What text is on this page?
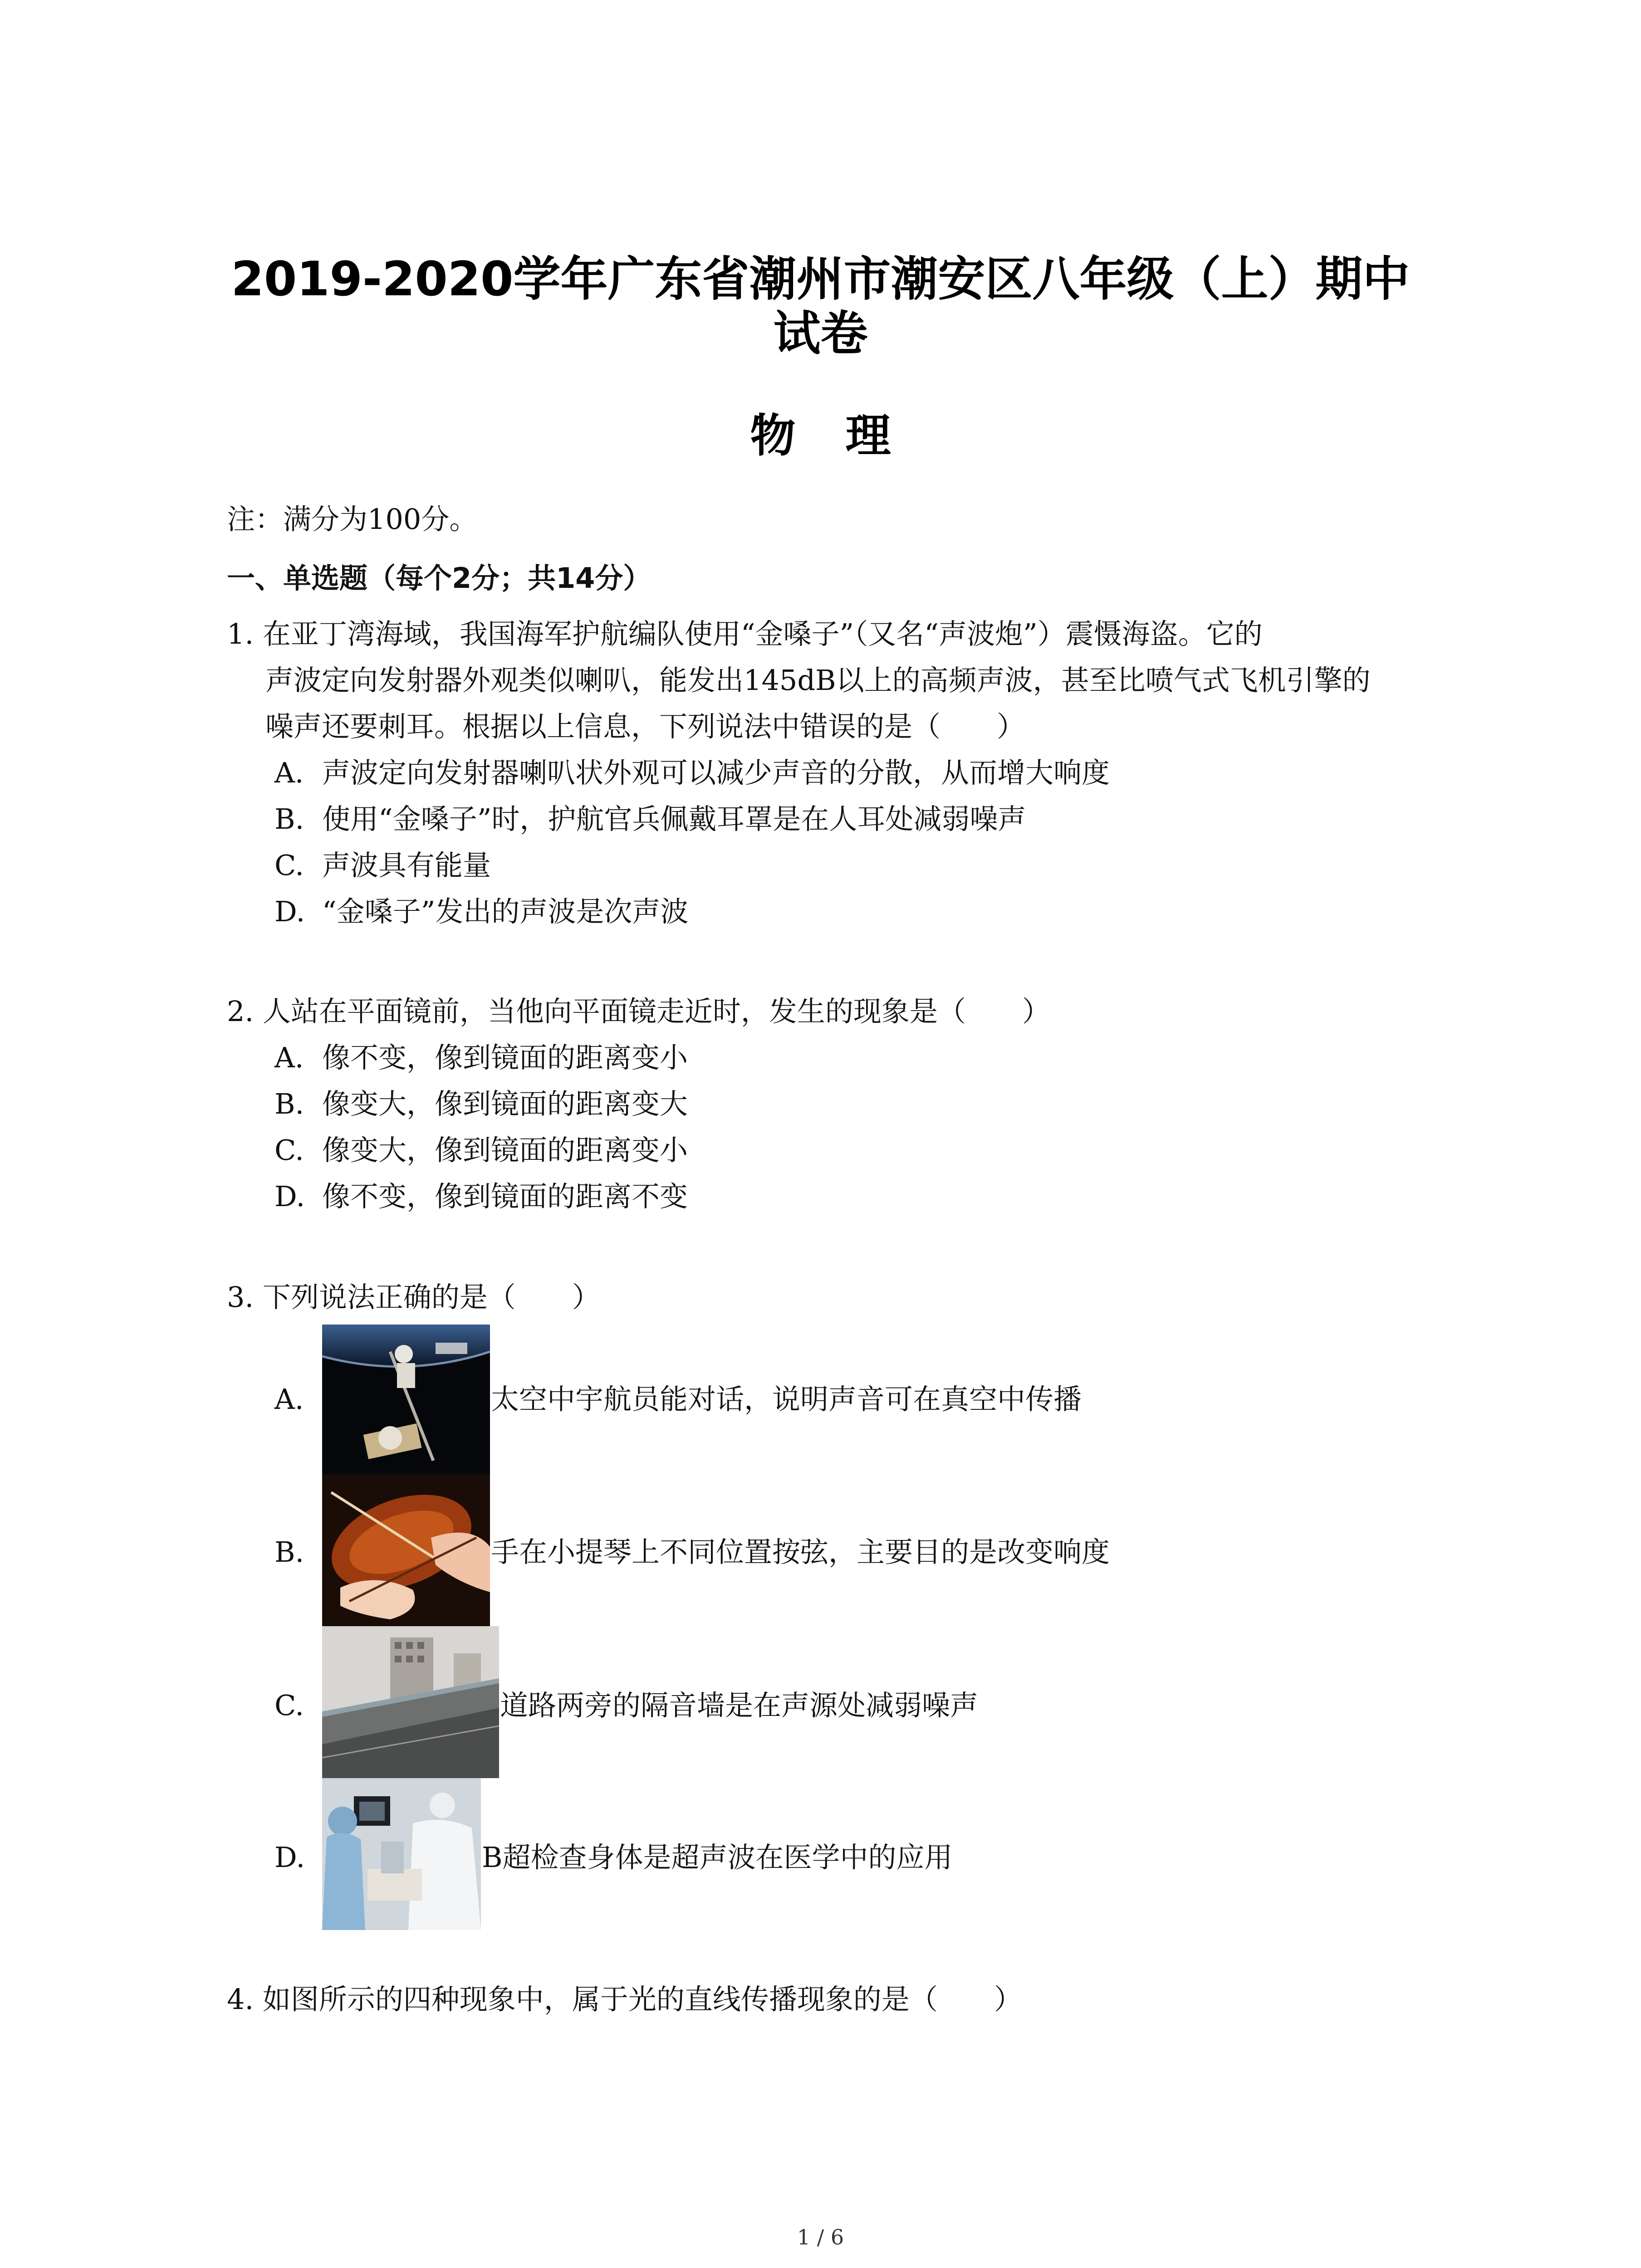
2019-2020学年广东省潮州市潮安区八年级（上）期中
试卷
物理
注：满分为100分。
一、单选题（每个2分；共14分）
1. 在亚丁湾海域，我国海军护航编队使用“金嗓子”（又名“声波炮”）震慑海盗。它的
声波定向发射器外观类似喇叭，能发出145dB以上的高频声波，甚至比喷气式飞机引擎的
噪声还要刺耳。根据以上信息，下列说法中错误的是（　　）
A. 声波定向发射器喇叭状外观可以减少声音的分散，从而增大响度
B. 使用“金嗓子”时，护航官兵佩戴耳罩是在人耳处减弱噪声
C. 声波具有能量
D. “金嗓子”发出的声波是次声波
2. 人站在平面镜前，当他向平面镜走近时，发生的现象是（　　）
A. 像不变，像到镜面的距离变小
B. 像变大，像到镜面的距离变大
C. 像变大，像到镜面的距离变小
D. 像不变，像到镜面的距离不变
3. 下列说法正确的是（　　）
A.	太空中宇航员能对话，说明声音可在真空中传播
B.	手在小提琴上不同位置按弦，主要目的是改变响度
C.	道路两旁的隔音墙是在声源处减弱噪声
D.	B超检查身体是超声波在医学中的应用
4. 如图所示的四种现象中，属于光的直线传播现象的是（　　）
1 / 6
